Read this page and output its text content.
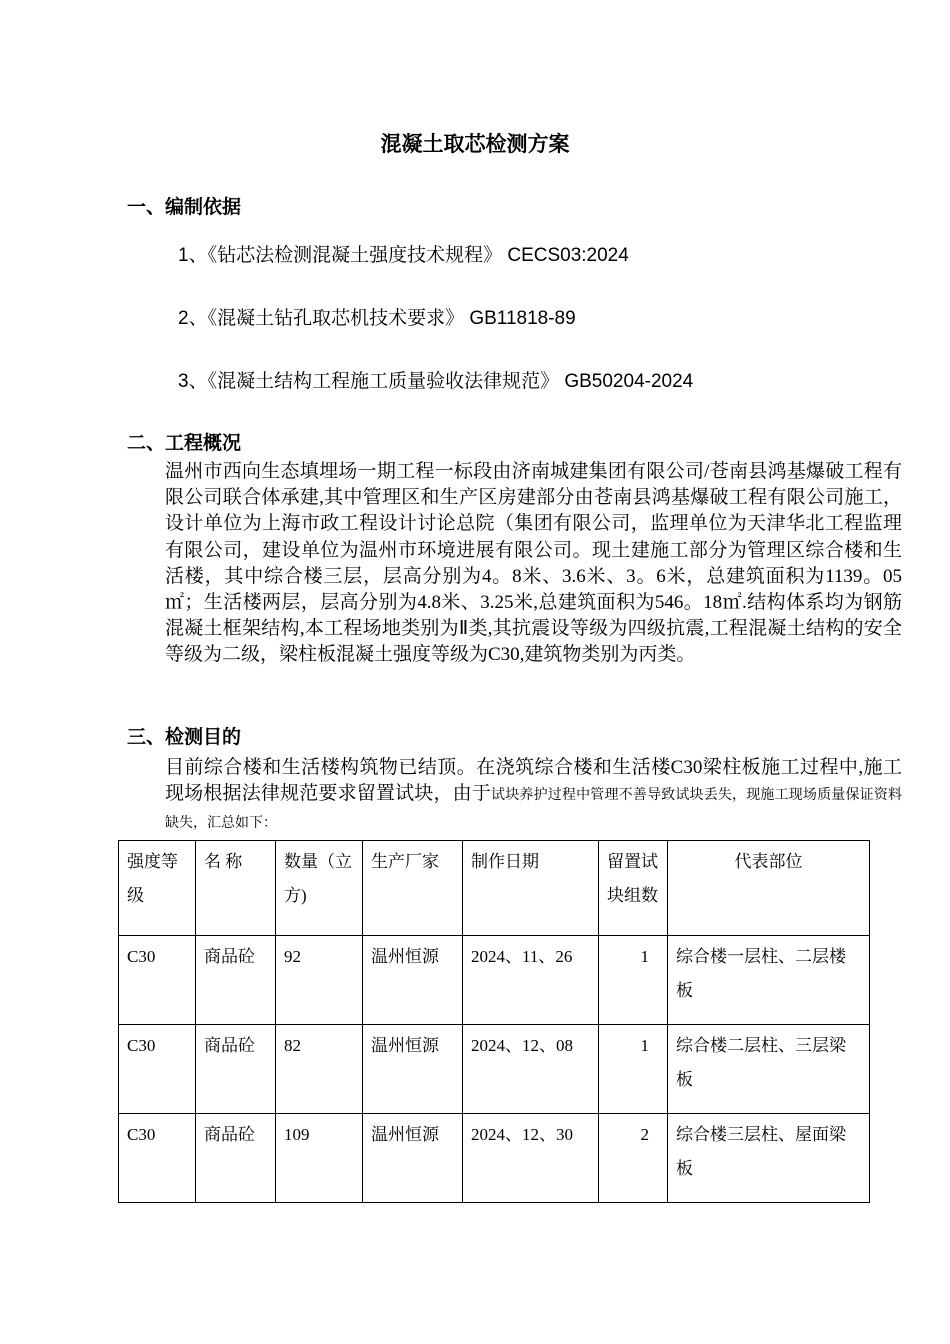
混凝土取芯检测方案
一、编制依据
1、《钻芯法检测混凝土强度技术规程》 CECS03:2024
2、《混凝土钻孔取芯机技术要求》 GB11818-89
3、《混凝土结构工程施工质量验收法律规范》 GB50204-2024
二、工程概况
温州市西向生态填埋场一期工程一标段由济南城建集团有限公司/苍南县鸿基爆破工程有限公司联合体承建,其中管理区和生产区房建部分由苍南县鸿基爆破工程有限公司施工，设计单位为上海市政工程设计讨论总院（集团有限公司，监理单位为天津华北工程监理有限公司，建设单位为温州市环境进展有限公司。现土建施工部分为管理区综合楼和生活楼，其中综合楼三层，层高分别为4。8米、3.6米、3。6米，总建筑面积为1139。05㎡；生活楼两层，层高分别为4.8米、3.25米,总建筑面积为546。18㎡.结构体系均为钢筋混凝土框架结构,本工程场地类别为Ⅱ类,其抗震设等级为四级抗震,工程混凝土结构的安全等级为二级，梁柱板混凝土强度等级为C30,建筑物类别为丙类。
三、检测目的
目前综合楼和生活楼构筑物已结顶。在浇筑综合楼和生活楼C30梁柱板施工过程中,施工现场根据法律规范要求留置试块，由于试块养护过程中管理不善导致试块丢失，现施工现场质量保证资料缺失，汇总如下：
强度等级	名 称	数量（立方)	生产厂家	制作日期	留置试块组数	代表部位
C30	商品砼	92	温州恒源	2024、11、26	1	综合楼一层柱、二层楼板
C30	商品砼	82	温州恒源	2024、12、08	1	综合楼二层柱、三层梁板
C30	商品砼	109	温州恒源	2024、12、30	2	综合楼三层柱、屋面梁板
